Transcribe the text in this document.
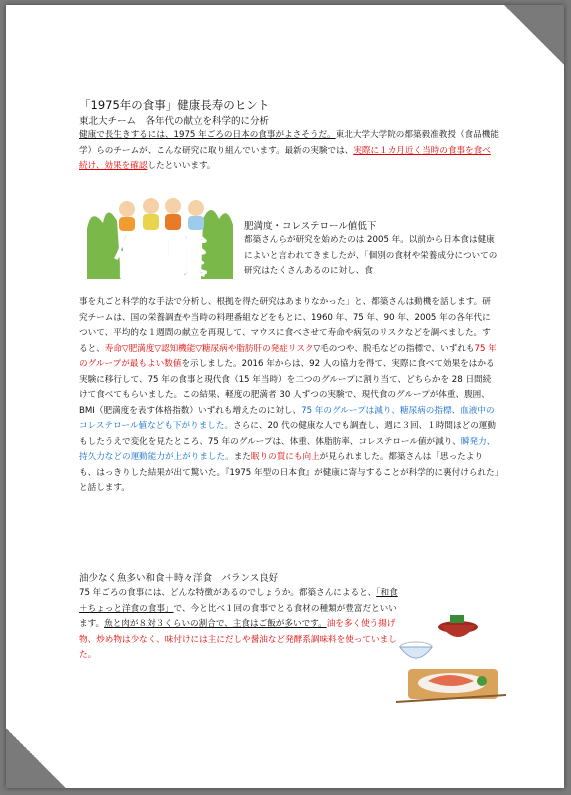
「1975年の食事」健康長寿のヒント
東北大チーム　各年代の献立を科学的に分析
健康で長生きするには、1975 年ごろの日本の食事がよさそうだ。東北大学大学院の都築毅准教授（食品機能学）らのチームが、こんな研究に取り組んでいます。最新の実験では、実際に１カ月近く当時の食事を食べ続け、効果を確認したといいます。
健康
肥満度・コレステロール値低下
都築さんらが研究を始めたのは 2005 年。以前から日本食は健康によいと言われてきましたが、「個別の食材や栄養成分についての研究はたくさんあるのに対し、食
事を丸ごと科学的な手法で分析し、根拠を得た研究はあまりなかった」と、都築さんは動機を話します。研究チームは、国の栄養調査や当時の料理番組などをもとに、1960 年、75 年、90 年、2005 年の各年代について、平均的な１週間の献立を再現して、マウスに食べさせて寿命や病気のリスクなどを調べました。すると、寿命▽肥満度▽認知機能▽糖尿病や脂肪肝の発症リスク▽毛のつや、脱毛などの指標で、いずれも75 年のグループが最もよい数値を示しました。2016 年からは、92 人の協力を得て、実際に食べて効果をはかる実験に移行して、75 年の食事と現代食（15 年当時）を二つのグループに割り当て、どちらかを 28 日間続けて食べてもらいました。この結果、軽度の肥満者 30 人ずつの実験で、現代食のグループが体重、腹囲、BMI（肥満度を表す体格指数）いずれも増えたのに対し、75 年のグループは減り、糖尿病の指標、血液中のコレステロール値なども下がりました。さらに、20 代の健康な人でも調査し、週に３回、１時間ほどの運動もしたうえで変化を見たところ、75 年のグループは、体重、体脂肪率、コレステロール値が減り、瞬発力、持久力などの運動能力が上がりました。また眠りの質にも向上が見られました。都築さんは「思ったよりも、はっきりした結果が出て驚いた。『1975 年型の日本食』が健康に寄与することが科学的に裏付けられた」と話します。
油少なく魚多い和食＋時々洋食　バランス良好
75 年ごろの食事には、どんな特徴があるのでしょうか。都築さんによると、「和食＋ちょっと洋食の食事」で、今と比べ１回の食事でとる食材の種類が豊富だといいます。魚と肉が８対３くらいの割合で、主食はご飯が多いです。油を多く使う揚げ物、炒め物は少なく、味付けには主にだしや醤油など発酵系調味料を使っていました。
